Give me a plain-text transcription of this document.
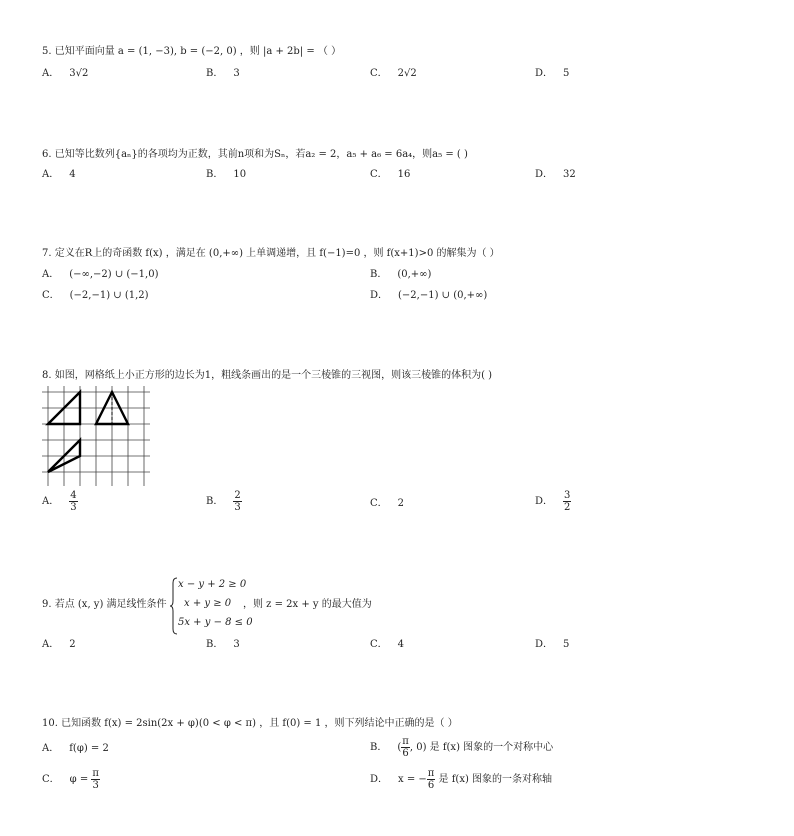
5. 已知平面向量 a = (1, −3), b = (−2, 0) ，则 |a + 2b| = （ ）
A． 3√2	B． 3	C． 2√2	D． 5
6. 已知等比数列{aₙ}的各项均为正数，其前n项和为Sₙ，若a₂ = 2，a₅ + a₆ = 6a₄，则a₅ = ( )
A． 4	B． 10	C． 16	D． 32
7. 定义在R上的奇函数 f(x) ，满足在 (0,+∞) 上单调递增，且 f(−1)=0 ，则 f(x+1)>0 的解集为（ ）
A． (−∞,−2) ∪ (−1,0)	B． (0,+∞)
C． (−2,−1) ∪ (1,2)	D． (−2,−1) ∪ (0,+∞)
8. 如图，网格纸上小正方形的边长为1，粗线条画出的是一个三棱锥的三视图，则该三棱锥的体积为( )
A． $\frac{4}{3}$	B． $\frac{2}{3}$	C． 2	D． $\frac{3}{2}$
9. 若点 (x, y) 满足线性条件
x − y + 2 ≥ 0
x + y ≥ 0
5x + y − 8 ≤ 0
，则 z = 2x + y 的最大值为
A． 2	B． 3	C． 4	D． 5
10. 已知函数 f(x) = 2sin(2x + φ)(0 < φ < π) ，且 f(0) = 1 ，则下列结论中正确的是（ ）
A． f(φ) = 2	B． ( $\frac{\pi}{6}$ , 0) 是 f(x) 图象的一个对称中心
C． $\varphi = \frac{\pi}{3}$	D． x = − $\frac{\pi}{6}$ 是 f(x) 图象的一条对称轴
